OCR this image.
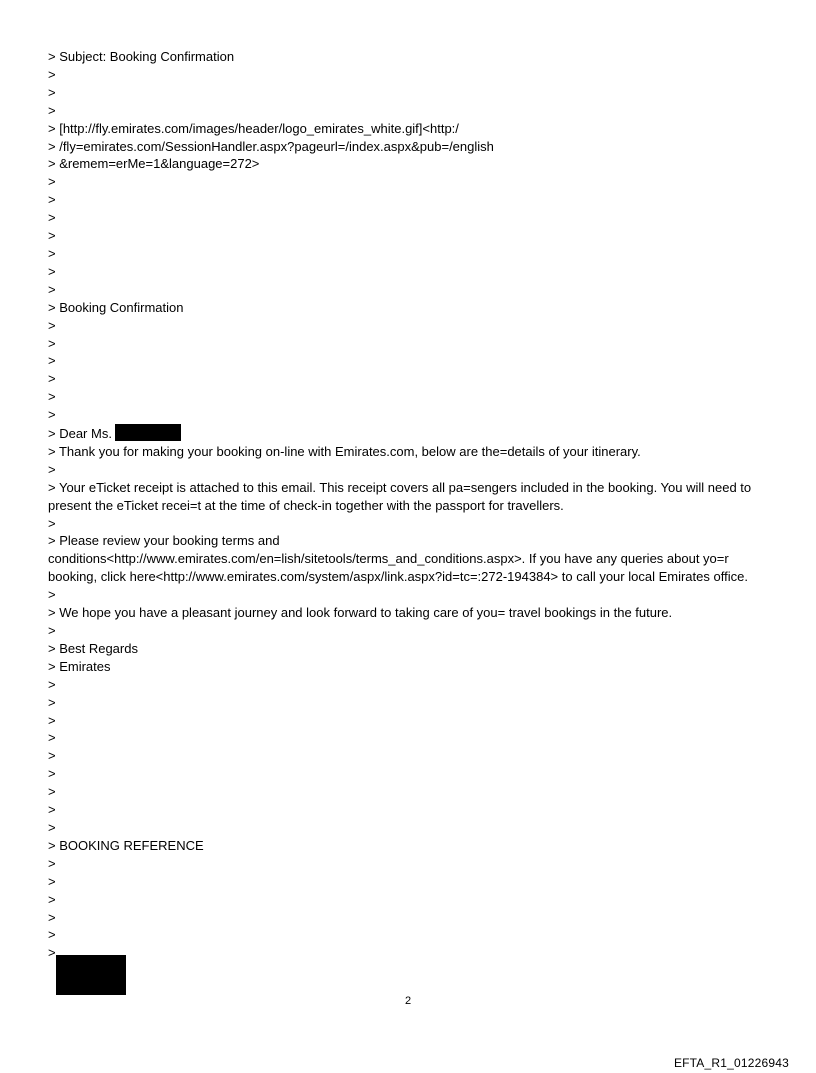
> Subject: Booking Confirmation
>
>
>
> [http://fly.emirates.com/images/header/logo_emirates_white.gif]<http:/
> /fly=emirates.com/SessionHandler.aspx?pageurl=/index.aspx&pub=/english
> &remem=erMe=1&language=272>
>
>
>
>
>
>
>
> Booking Confirmation
>
>
>
>
>
>
> Dear Ms.
> Thank you for making your booking on-line with Emirates.com, below are the=details of your itinerary.
>
> Your eTicket receipt is attached to this email. This receipt covers all pa=sengers included in the booking. You will need to present the eTicket recei=t at the time of check-in together with the passport for travellers.
>
> Please review your booking terms and
conditions<http://www.emirates.com/en=lish/sitetools/terms_and_conditions.aspx>. If you have any queries about yo=r booking, click here<http://www.emirates.com/system/aspx/link.aspx?id=tc=:272-194384> to call your local Emirates office.
>
> We hope you have a pleasant journey and look forward to taking care of you= travel bookings in the future.
>
> Best Regards
> Emirates
>
>
>
>
>
>
>
>
>
> BOOKING REFERENCE
>
>
>
>
>
>
2
EFTA_R1_01226943
